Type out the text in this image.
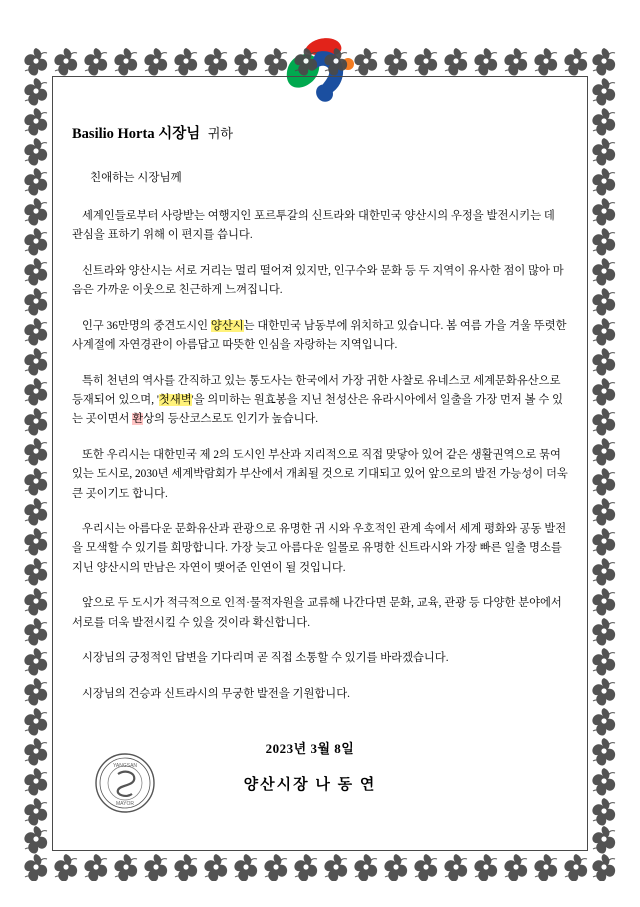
Basilio Horta 시장님 귀하
친애하는 시장님께

세계인들로부터 사랑받는 여행지인 포르투갈의 신트라와 대한민국 양산시의 우정을 발전시키는 데 관심을 표하기 위해 이 편지를 씁니다.

신트라와 양산시는 서로 거리는 멀리 떨어져 있지만, 인구수와 문화 등 두 지역이 유사한 점이 많아 마음은 가까운 이웃으로 친근하게 느껴집니다.

인구 36만명의 중견도시인 양산시는 대한민국 남동부에 위치하고 있습니다. 봄 여름 가을 겨울 뚜렷한 사계절에 자연경관이 아름답고 따뜻한 인심을 자랑하는 지역입니다.

특히 천년의 역사를 간직하고 있는 통도사는 한국에서 가장 귀한 사찰로 유네스코 세계문화유산으로 등재되어 있으며, '첫새벽'을 의미하는 원효봉을 지닌 천성산은 유라시아에서 일출을 가장 먼저 볼 수 있는 곳이면서 환상의 등산코스로도 인기가 높습니다.

또한 우리시는 대한민국 제 2의 도시인 부산과 지리적으로 직접 맞닿아 있어 같은 생활권역으로 묶여 있는 도시로, 2030년 세계박람회가 부산에서 개최될 것으로 기대되고 있어 앞으로의 발전 가능성이 더욱 큰 곳이기도 합니다.

우리시는 아름다운 문화유산과 관광으로 유명한 귀 시와 우호적인 관계 속에서 세계 평화와 공동 발전을 모색할 수 있기를 희망합니다. 가장 늦고 아름다운 일몰로 유명한 신트라시와 가장 빠른 일출 명소를 지닌 양산시의 만남은 자연이 맺어준 인연이 될 것입니다.

앞으로 두 도시가 적극적으로 인적·물적자원을 교류해 나간다면 문화, 교육, 관광 등 다양한 분야에서 서로를 더욱 발전시킬 수 있을 것이라 확신합니다.

시장님의 긍정적인 답변을 기다리며 곧 직접 소통할 수 있기를 바라겠습니다.

시장님의 건승과 신트라시의 무궁한 발전을 기원합니다.

2023년 3월 8일
양산시장 나 동 연
YANGSAN
MAYOR
